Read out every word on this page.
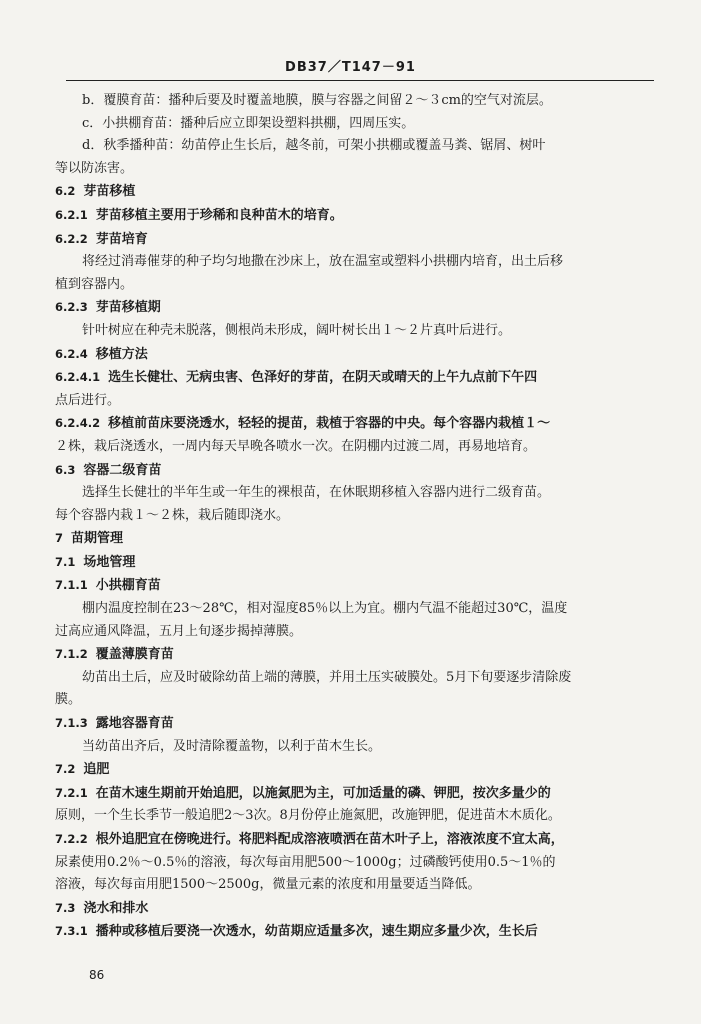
DB37／T147－91
b．覆膜育苗：播种后要及时覆盖地膜，膜与容器之间留２～３cm的空气对流层。
c．小拱棚育苗：播种后应立即架设塑料拱棚，四周压实。
d．秋季播种苗：幼苗停止生长后，越冬前，可架小拱棚或覆盖马粪、锯屑、树叶
等以防冻害。
6.2 芽苗移植
6.2.1 芽苗移植主要用于珍稀和良种苗木的培育。
6.2.2 芽苗培育
将经过消毒催芽的种子均匀地撒在沙床上，放在温室或塑料小拱棚内培育，出土后移
植到容器内。
6.2.3 芽苗移植期
针叶树应在种壳未脱落，侧根尚未形成，阔叶树长出１～２片真叶后进行。
6.2.4 移植方法
6.2.4.1 选生长健壮、无病虫害、色泽好的芽苗，在阴天或晴天的上午九点前下午四
点后进行。
6.2.4.2 移植前苗床要浇透水，轻轻的提苗，栽植于容器的中央。每个容器内栽植１～
２株，栽后浇透水，一周内每天早晚各喷水一次。在阴棚内过渡二周，再易地培育。
6.3 容器二级育苗
选择生长健壮的半年生或一年生的裸根苗，在休眠期移植入容器内进行二级育苗。
每个容器内栽１～２株，栽后随即浇水。
7 苗期管理
7.1 场地管理
7.1.1 小拱棚育苗
棚内温度控制在23～28℃，相对湿度85％以上为宜。棚内气温不能超过30℃，温度
过高应通风降温，五月上旬逐步揭掉薄膜。
7.1.2 覆盖薄膜育苗
幼苗出土后，应及时破除幼苗上端的薄膜，并用土压实破膜处。5月下旬要逐步清除废
膜。
7.1.3 露地容器育苗
当幼苗出齐后，及时清除覆盖物，以利于苗木生长。
7.2 追肥
7.2.1 在苗木速生期前开始追肥，以施氮肥为主，可加适量的磷、钾肥，按次多量少的
原则，一个生长季节一般追肥2～3次。8月份停止施氮肥，改施钾肥，促进苗木木质化。
7.2.2 根外追肥宜在傍晚进行。将肥料配成溶液喷洒在苗木叶子上，溶液浓度不宜太高，
尿素使用0.2％～0.5％的溶液，每次每亩用肥500～1000g；过磷酸钙使用0.5～1％的
溶液，每次每亩用肥1500～2500g，微量元素的浓度和用量要适当降低。
7.3 浇水和排水
7.3.1 播种或移植后要浇一次透水，幼苗期应适量多次，速生期应多量少次，生长后
86
